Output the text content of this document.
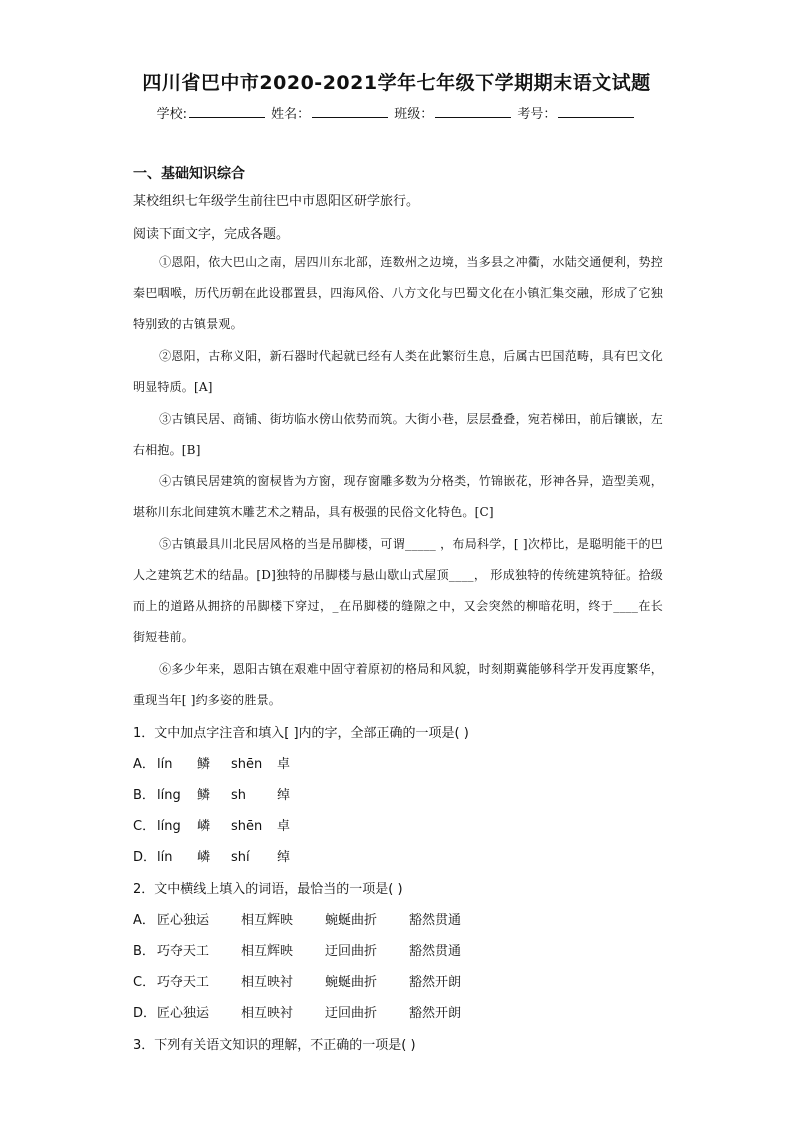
四川省巴中市2020-2021学年七年级下学期期末语文试题
学校:	姓名：	班级：	考号：
一、基础知识综合
某校组织七年级学生前往巴中市恩阳区研学旅行。
阅读下面文字，完成各题。
①恩阳，依大巴山之南，居四川东北部，连数州之边境，当多县之冲衢，水陆交通便利，势控秦巴咽喉，历代历朝在此设郡置县，四海风俗、八方文化与巴蜀文化在小镇汇集交融，形成了它独特别致的古镇景观。
②恩阳，古称义阳，新石器时代起就已经有人类在此繁衍生息，后属古巴国范畴，具有巴文化明显特质。[A]
③古镇民居、商铺、街坊临水傍山依势而筑。大街小巷，层层叠叠，宛若梯田，前后镶嵌，左右相抱。[B]
④古镇民居建筑的窗棂皆为方窗，现存窗雕多数为分格类，竹锦嵌花，形神各异，造型美观，堪称川东北间建筑木雕艺术之精品，具有极强的民俗文化特色。[C]
⑤古镇最具川北民居风格的当是吊脚楼，可谓_____ ，布局科学，[ ]次栉比，是聪明能干的巴人之建筑艺术的结晶。[D]独特的吊脚楼与悬山歇山式屋顶____， 形成独特的传统建筑特征。拾级而上的道路从拥挤的吊脚楼下穿过，_在吊脚楼的缝隙之中，又会突然的柳暗花明，终于____在长街短巷前。
⑥多少年来，恩阳古镇在艰难中固守着原初的格局和风貌，时刻期冀能够科学开发再度繁华，重现当年[ ]约多姿的胜景。
1．文中加点字注音和填入[ ]内的字，全部正确的一项是( )
A． lín 鳞 shēn 卓
B． líng 鳞 sh 绰
C． líng 嶙 shēn 卓
D．lín 嶙 shí 绰
2．文中横线上填入的词语，最恰当的一项是( )
A． 匠心独运 相互辉映 蜿蜒曲折 豁然贯通
B． 巧夺天工 相互辉映 迂回曲折 豁然贯通
C． 巧夺天工 相互映衬 蜿蜒曲折 豁然开朗
D．匠心独运 相互映衬 迂回曲折 豁然开朗
3．下列有关语文知识的理解，不正确的一项是( )
